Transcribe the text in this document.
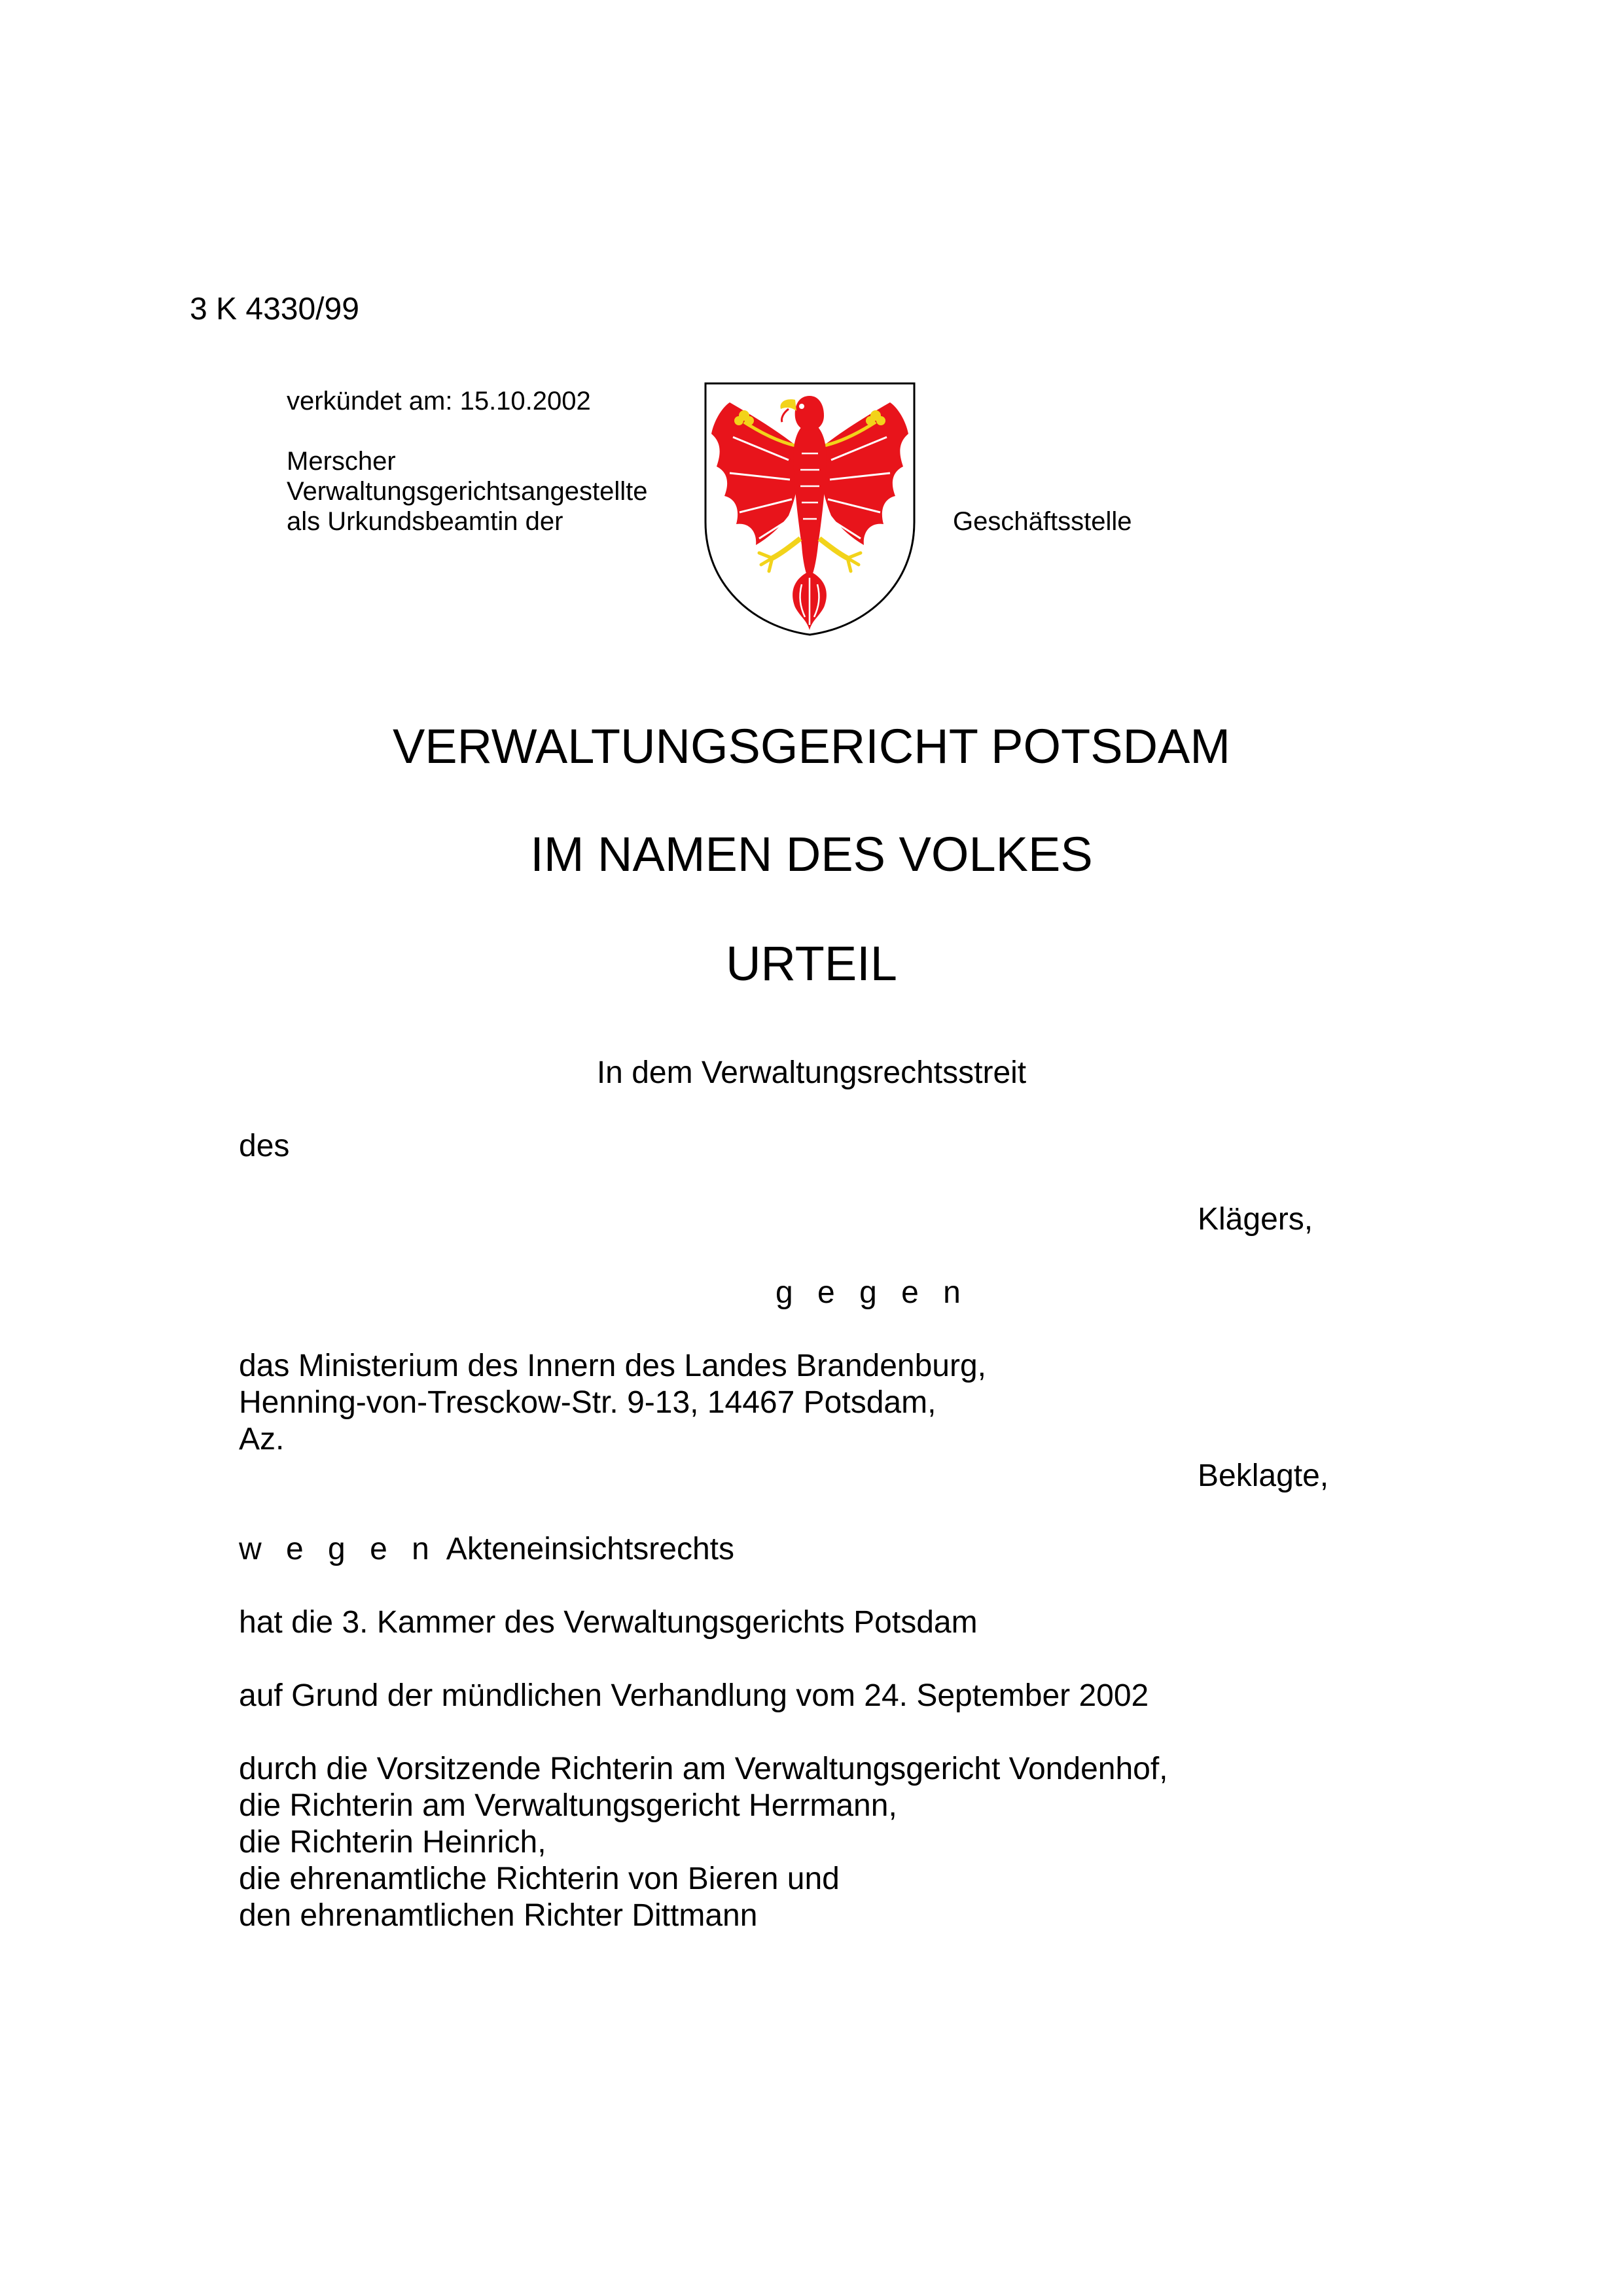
3 K 4330/99
verkündet am: 15.10.2002
Merscher
Verwaltungsgerichtsangestellte
als Urkundsbeamtin der	Geschäftsstelle
VERWALTUNGSGERICHT POTSDAM
IM NAMEN DES VOLKES
URTEIL
In dem Verwaltungsrechtsstreit
des
Klägers,
g e g e n
das Ministerium des Innern des Landes Brandenburg,
Henning-von-Tresckow-Str. 9-13, 14467 Potsdam,
Az.
Beklagte,
w e g e n Akteneinsichtsrechts
hat die 3. Kammer des Verwaltungsgerichts Potsdam
auf Grund der mündlichen Verhandlung vom 24. September 2002
durch die Vorsitzende Richterin am Verwaltungsgericht Vondenhof,
die Richterin am Verwaltungsgericht Herrmann,
die Richterin Heinrich,
die ehrenamtliche Richterin von Bieren und
den ehrenamtlichen Richter Dittmann
